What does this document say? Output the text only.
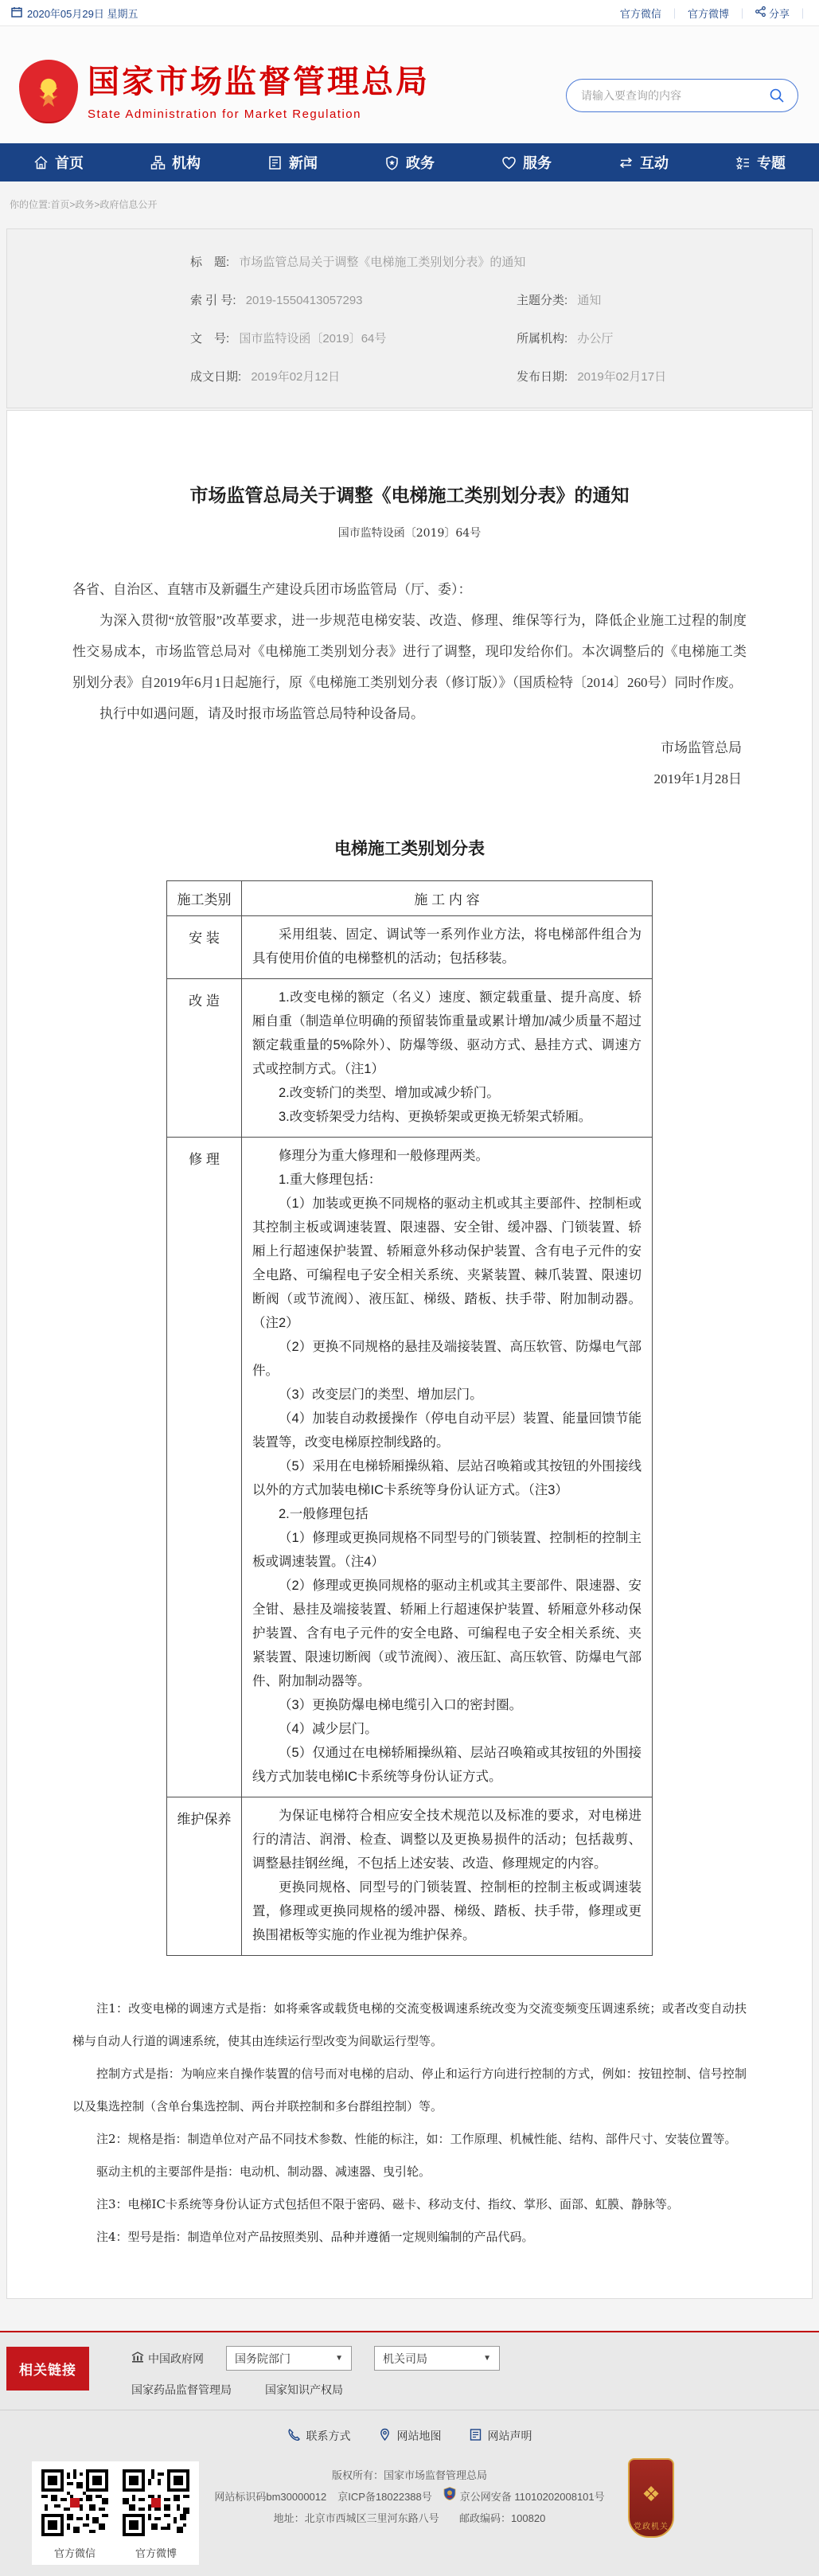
2020年05月29日 星期五	官方微信 ｜ 官方微博 ｜ 分享 ｜
★ 国家市场监督管理总局
State Administration for Market Regulation
请输入要查询的内容
首页	机构	新闻	政务	服务	互动	专题
你的位置:首页>政务>政府信息公开
标　题: 市场监管总局关于调整《电梯施工类别划分表》的通知
索 引 号: 2019-1550413057293	主题分类: 通知
文　号: 国市监特设函〔2019〕64号	所属机构: 办公厅
成文日期: 2019年02月12日	发布日期: 2019年02月17日
市场监管总局关于调整《电梯施工类别划分表》的通知
国市监特设函〔2019〕64号

各省、自治区、直辖市及新疆生产建设兵团市场监管局（厅、委）：

为深入贯彻“放管服”改革要求，进一步规范电梯安装、改造、修理、维保等行为，降低企业施工过程的制度性交易成本，市场监管总局对《电梯施工类别划分表》进行了调整，现印发给你们。本次调整后的《电梯施工类别划分表》自2019年6月1日起施行，原《电梯施工类别划分表（修订版）》（国质检特〔2014〕260号）同时作废。

执行中如遇问题，请及时报市场监管总局特种设备局。

市场监管总局
2019年1月28日
电梯施工类别划分表
施工类别	施 工 内 容
安 装	采用组装、固定、调试等一系列作业方法，将电梯部件组合为具有使用价值的电梯整机的活动；包括移装。

改 造	1.改变电梯的额定（名义）速度、额定载重量、提升高度、轿厢自重（制造单位明确的预留装饰重量或累计增加/减少质量不超过额定载重量的5%除外）、防爆等级、驱动方式、悬挂方式、调速方式或控制方式。（注1）

2.改变轿门的类型、增加或减少轿门。

3.改变轿架受力结构、更换轿架或更换无轿架式轿厢。

修 理	修理分为重大修理和一般修理两类。

1.重大修理包括：

（1）加装或更换不同规格的驱动主机或其主要部件、控制柜或其控制主板或调速装置、限速器、安全钳、缓冲器、门锁装置、轿厢上行超速保护装置、轿厢意外移动保护装置、含有电子元件的安全电路、可编程电子安全相关系统、夹紧装置、棘爪装置、限速切断阀（或节流阀）、液压缸、梯级、踏板、扶手带、附加制动器。（注2）

（2）更换不同规格的悬挂及端接装置、高压软管、防爆电气部件。

（3）改变层门的类型、增加层门。

（4）加装自动救援操作（停电自动平层）装置、能量回馈节能装置等，改变电梯原控制线路的。

（5）采用在电梯轿厢操纵箱、层站召唤箱或其按钮的外围接线以外的方式加装电梯IC卡系统等身份认证方式。（注3）

2.一般修理包括

（1）修理或更换同规格不同型号的门锁装置、控制柜的控制主板或调速装置。（注4）

（2）修理或更换同规格的驱动主机或其主要部件、限速器、安全钳、悬挂及端接装置、轿厢上行超速保护装置、轿厢意外移动保护装置、含有电子元件的安全电路、可编程电子安全相关系统、夹紧装置、限速切断阀（或节流阀）、液压缸、高压软管、防爆电气部件、附加制动器等。

（3）更换防爆电梯电缆引入口的密封圈。

（4）减少层门。

（5）仅通过在电梯轿厢操纵箱、层站召唤箱或其按钮的外围接线方式加装电梯IC卡系统等身份认证方式。

维护保养	为保证电梯符合相应安全技术规范以及标准的要求，对电梯进行的清洁、润滑、检查、调整以及更换易损件的活动；包括裁剪、调整悬挂钢丝绳，不包括上述安装、改造、修理规定的内容。

更换同规格、同型号的门锁装置、控制柜的控制主板或调速装置，修理或更换同规格的缓冲器、梯级、踏板、扶手带，修理或更换围裙板等实施的作业视为维护保养。

注1：改变电梯的调速方式是指：如将乘客或载货电梯的交流变极调速系统改变为交流变频变压调速系统；或者改变自动扶梯与自动人行道的调速系统，使其由连续运行型改变为间歇运行型等。

控制方式是指：为响应来自操作装置的信号而对电梯的启动、停止和运行方向进行控制的方式，例如：按钮控制、信号控制以及集选控制（含单台集选控制、两台并联控制和多台群组控制）等。

注2：规格是指：制造单位对产品不同技术参数、性能的标注，如：工作原理、机械性能、结构、部件尺寸、安装位置等。

驱动主机的主要部件是指：电动机、制动器、减速器、曳引轮。

注3：电梯IC卡系统等身份认证方式包括但不限于密码、磁卡、移动支付、指纹、掌形、面部、虹膜、静脉等。

注4：型号是指：制造单位对产品按照类别、品种并遵循一定规则编制的产品代码。

相关链接
中国政府网	国务院部门	▼	机关司局	▼
国家药品监督管理局	国家知识产权局
联系方式	网站地图	网站声明
官方微信	官方微博
版权所有：国家市场监督管理总局
网站标识码bm30000012 京ICP备18022388号	京公网安备 11010202008101号
地址：北京市西城区三里河东路八号 邮政编码：100820
❖
党政机关
